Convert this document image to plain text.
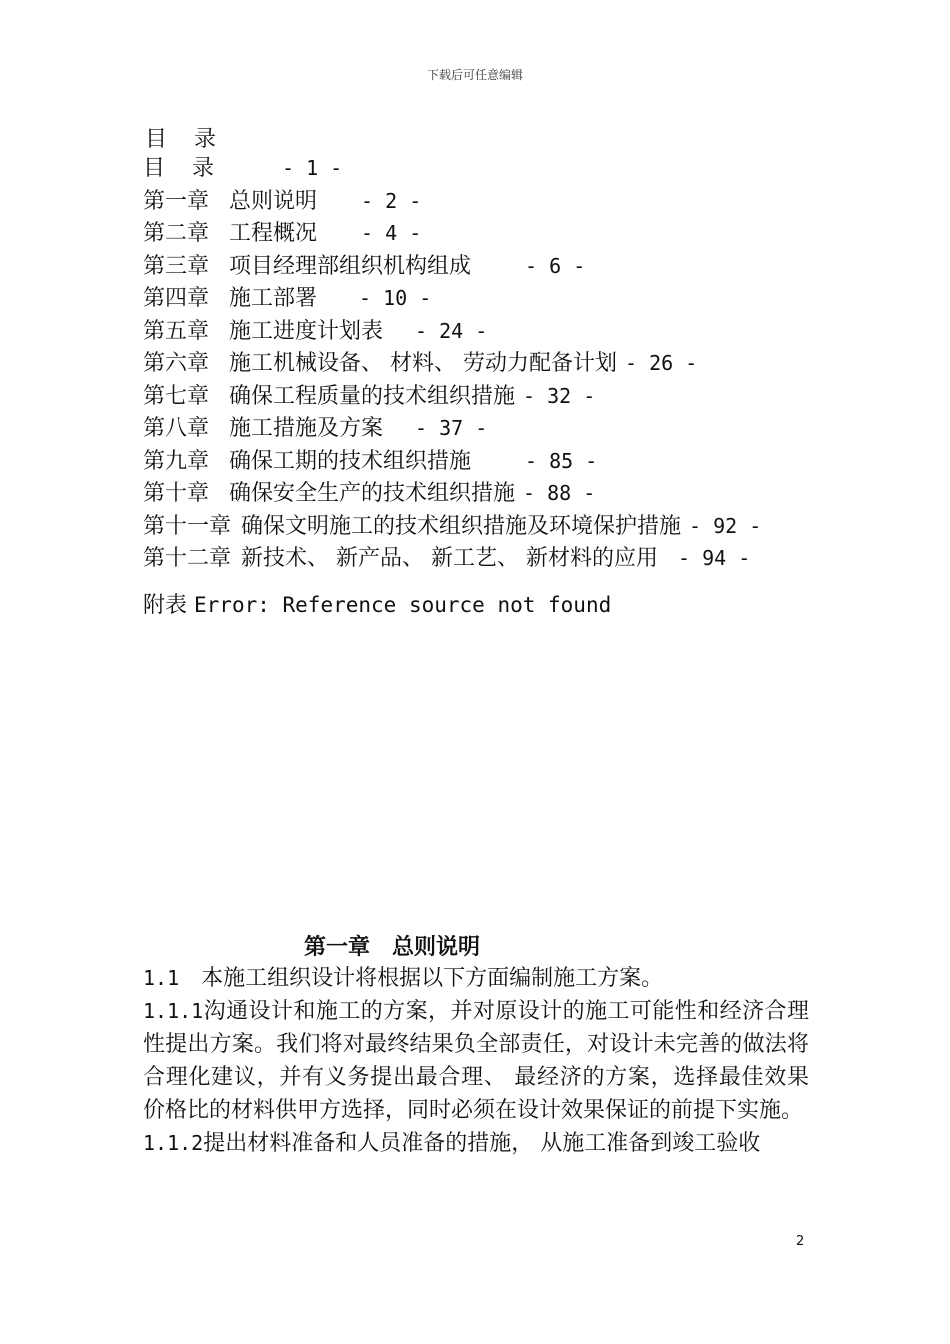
下载后可任意编辑
目 录
目 录	- 1 -
第一章 总则说明 - 2 -
第二章 工程概况 - 4 -
第三章 项目经理部组织机构组成	- 6 -
第四章 施工部署 - 10 -
第五章 施工进度计划表 - 24 -
第六章 施工机械设备、 材料、 劳动力配备计划 - 26 -
第七章 确保工程质量的技术组织措施 - 32 -
第八章 施工措施及方案 - 37 -
第九章 确保工期的技术组织措施	- 85 -
第十章 确保安全生产的技术组织措施 - 88 -
第十一章 确保文明施工的技术组织措施及环境保护措施 - 92 -
第十二章 新技术、 新产品、 新工艺、 新材料的应用 - 94 -
附表 Error: Reference source not found
第一章 总则说明
1.1 本施工组织设计将根据以下方面编制施工方案。
1.1.1沟通设计和施工的方案，并对原设计的施工可能性和经济合理性提出方案。我们将对最终结果负全部责任，对设计未完善的做法将合理化建议，并有义务提出最合理、 最经济的方案，选择最佳效果价格比的材料供甲方选择，同时必须在设计效果保证的前提下实施。
1.1.2提出材料准备和人员准备的措施， 从施工准备到竣工验收
2
